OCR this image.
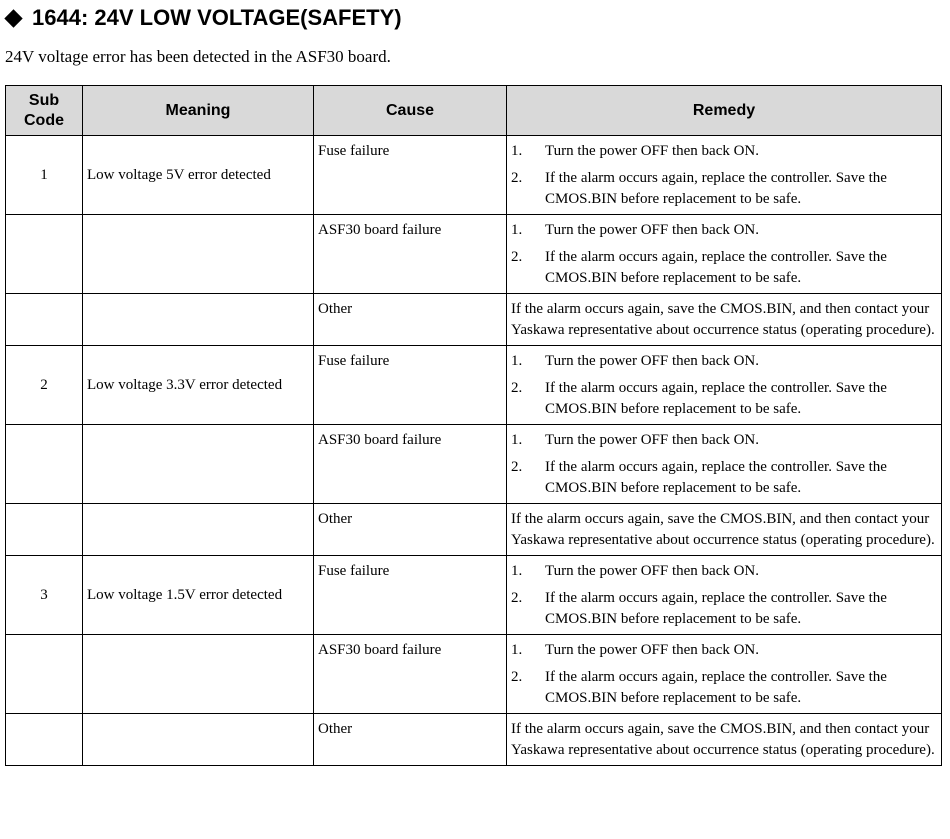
1644: 24V LOW VOLTAGE(SAFETY)
24V voltage error has been detected in the ASF30 board.
Sub Code	Meaning	Cause	Remedy
1	Low voltage 5V error detected	Fuse failure	1. Turn the power OFF then back ON.
2. If the alarm occurs again, replace the controller. Save the CMOS.BIN before replacement to be safe.

		ASF30 board failure	1. Turn the power OFF then back ON.
2. If the alarm occurs again, replace the controller. Save the CMOS.BIN before replacement to be safe.

		Other	If the alarm occurs again, save the CMOS.BIN, and then contact your Yaskawa representative about occurrence status (operating procedure).

2	Low voltage 3.3V error detected	Fuse failure	1. Turn the power OFF then back ON.
2. If the alarm occurs again, replace the controller. Save the CMOS.BIN before replacement to be safe.

		ASF30 board failure	1. Turn the power OFF then back ON.
2. If the alarm occurs again, replace the controller. Save the CMOS.BIN before replacement to be safe.

		Other	If the alarm occurs again, save the CMOS.BIN, and then contact your Yaskawa representative about occurrence status (operating procedure).

3	Low voltage 1.5V error detected	Fuse failure	1. Turn the power OFF then back ON.
2. If the alarm occurs again, replace the controller. Save the CMOS.BIN before replacement to be safe.

		ASF30 board failure	1. Turn the power OFF then back ON.
2. If the alarm occurs again, replace the controller. Save the CMOS.BIN before replacement to be safe.

		Other	If the alarm occurs again, save the CMOS.BIN, and then contact your Yaskawa representative about occurrence status (operating procedure).
